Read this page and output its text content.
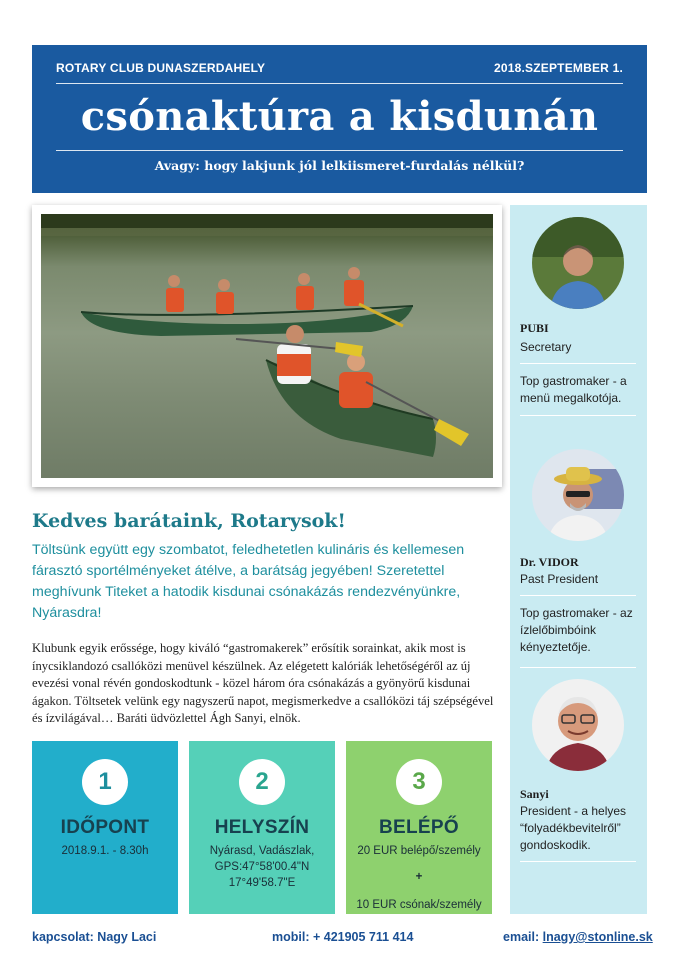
ROTARY CLUB DUNASZERDAHELY	2018.SZEPTEMBER 1.
csónaktúra a kisdunán
Avagy: hogy lakjunk jól lelkiismeret-furdalás nélkül?
Kedves barátaink, Rotarysok!
Töltsünk együtt egy szombatot, feledhetetlen kulináris és kellemesen fárasztó sportélményeket átélve, a barátság jegyében! Szeretettel meghívunk Titeket a hatodik kisdunai csónakázás rendezvényünkre, Nyárasdra!
Klubunk egyik erőssége, hogy kiváló “gastromakerek” erősítik sorainkat, akik most is ínycsiklandozó csallóközi menüvel készülnek. Az elégetett kalóriák lehetőségéről az új evezési vonal révén gondoskodtunk - közel három óra csónakázás a gyönyörű kisdunai ágakon. Töltsetek velünk egy nagyszerű napot, megismerkedve a csallóközi táj szépségével és ízvilágával… Baráti üdvözlettel Ágh Sanyi, elnök.
1
IDŐPONT
2018.9.1. - 8.30h
2
HELYSZÍN
Nyárasd, Vadászlak,
GPS:47°58'00.4"N
17°49'58.7"E
3
BELÉPŐ
20 EUR belépő/személy
+
10 EUR csónak/személy
PUBI
Secretary
Top gastromaker - a menü megalkotója.
Dr. VIDOR
Past President
Top gastromaker - az ízlelőbimbóink kényeztetője.
Sanyi
President - a helyes “folyadékbevitelről” gondoskodik.
kapcsolat: Nagy Laci	mobil: + 421905 711 414	email: lnagy@stonline.sk
